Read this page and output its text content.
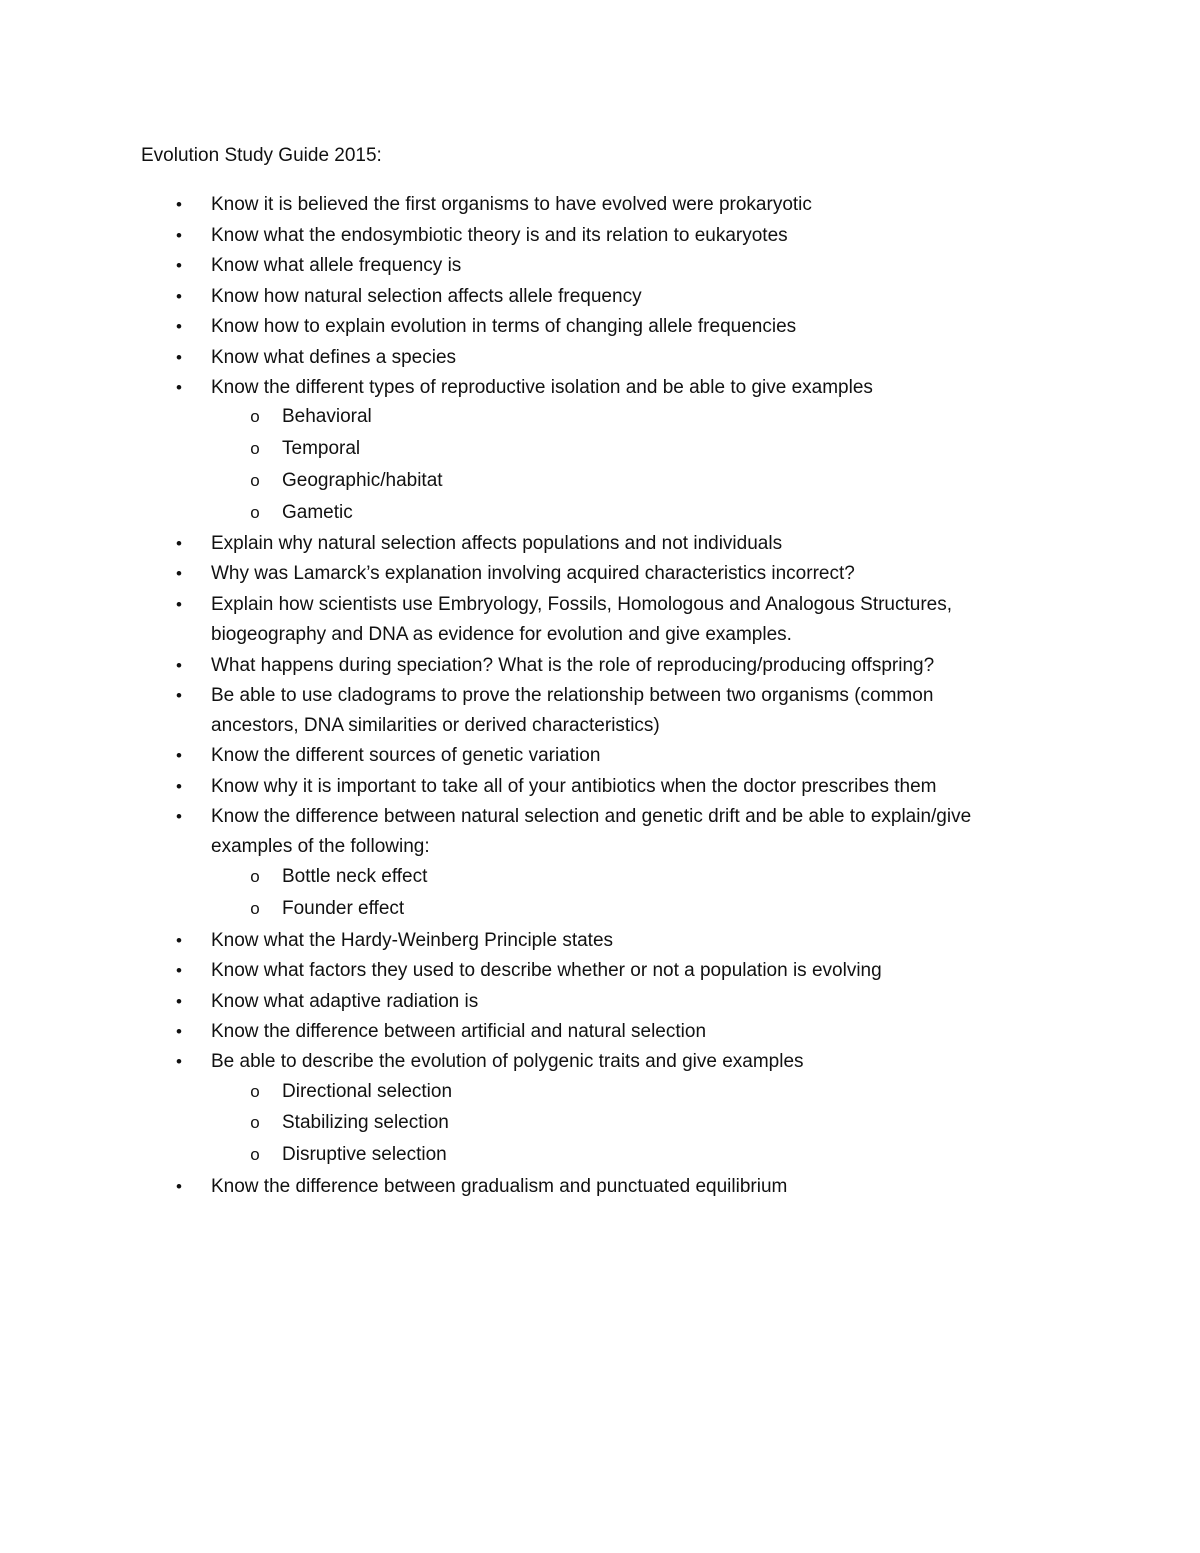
Evolution Study Guide 2015:
•	Know it is believed the first organisms to have evolved were prokaryotic
•	Know what the endosymbiotic theory is and its relation to eukaryotes
•	Know what allele frequency is
•	Know how natural selection affects allele frequency
•	Know how to explain evolution in terms of changing allele frequencies
•	Know what defines a species
•	Know the different types of reproductive isolation and be able to give examples
o Behavioral
o Temporal
o Geographic/habitat
o Gametic
•	Explain why natural selection affects populations and not individuals
•	Why was Lamarck’s explanation involving acquired characteristics incorrect?
•	Explain how scientists use Embryology, Fossils, Homologous and Analogous Structures,
biogeography and DNA as evidence for evolution and give examples.
•	What happens during speciation? What is the role of reproducing/producing offspring?
•	Be able to use cladograms to prove the relationship between two organisms (common
ancestors, DNA similarities or derived characteristics)
•	Know the different sources of genetic variation
•	Know why it is important to take all of your antibiotics when the doctor prescribes them
•	Know the difference between natural selection and genetic drift and be able to explain/give
examples of the following:
o Bottle neck effect
o Founder effect
•	Know what the Hardy-Weinberg Principle states
•	Know what factors they used to describe whether or not a population is evolving
•	Know what adaptive radiation is
•	Know the difference between artificial and natural selection
•	Be able to describe the evolution of polygenic traits and give examples
o Directional selection
o Stabilizing selection
o Disruptive selection
•	Know the difference between gradualism and punctuated equilibrium
